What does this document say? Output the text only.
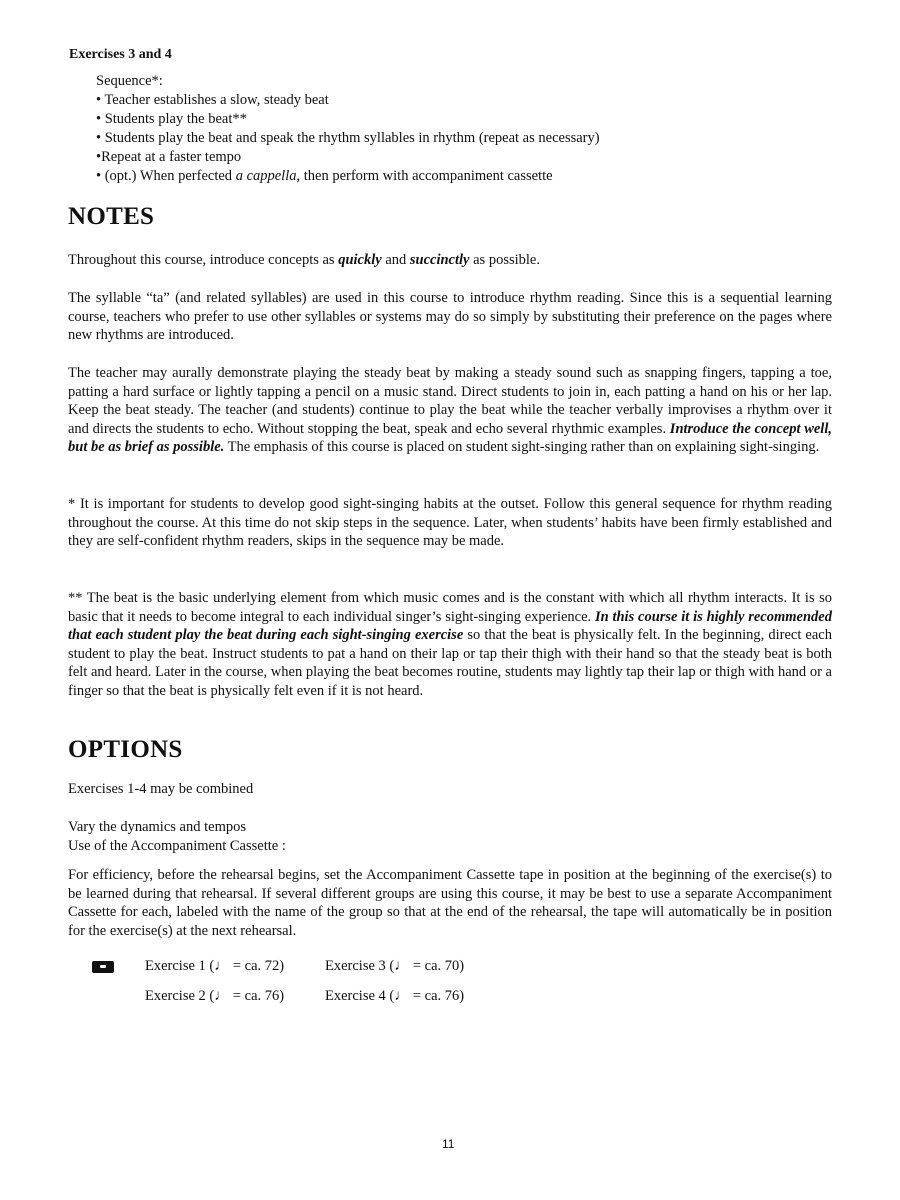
Exercises 3 and 4
Sequence*:
• Teacher establishes a slow, steady beat
• Students play the beat**
• Students play the beat and speak the rhythm syllables in rhythm (repeat as necessary)
•Repeat at a faster tempo
• (opt.) When perfected a cappella, then perform with accompaniment cassette
NOTES

Throughout this course, introduce concepts as quickly and succinctly as possible.

The syllable “ta” (and related syllables) are used in this course to introduce rhythm reading. Since this is a sequential learning course, teachers who prefer to use other syllables or systems may do so simply by substituting their preference on the pages where new rhythms are introduced.

The teacher may aurally demonstrate playing the steady beat by making a steady sound such as snapping fingers, tapping a toe, patting a hard surface or lightly tapping a pencil on a music stand. Direct students to join in, each patting a hand on his or her lap. Keep the beat steady. The teacher (and students) continue to play the beat while the teacher verbally improvises a rhythm over it and directs the students to echo. Without stopping the beat, speak and echo several rhythmic examples. Introduce the concept well, but be as brief as possible. The emphasis of this course is placed on student sight-singing rather than on explaining sight-singing.

* It is important for students to develop good sight-singing habits at the outset. Follow this general sequence for rhythm reading throughout the course. At this time do not skip steps in the sequence. Later, when students’ habits have been firmly established and they are self-confident rhythm readers, skips in the sequence may be made.

** The beat is the basic underlying element from which music comes and is the constant with which all rhythm interacts. It is so basic that it needs to become integral to each individual singer’s sight-singing experience. In this course it is highly recommended that each student play the beat during each sight-singing exercise so that the beat is physically felt. In the beginning, direct each student to play the beat. Instruct students to pat a hand on their lap or tap their thigh with their hand so that the steady beat is both felt and heard. Later in the course, when playing the beat becomes routine, students may lightly tap their lap or thigh with hand or a finger so that the beat is physically felt even if it is not heard.

OPTIONS
Exercises 1-4 may be combined
Vary the dynamics and tempos
Use of the Accompaniment Cassette :

For efficiency, before the rehearsal begins, set the Accompaniment Cassette tape in position at the beginning of the exercise(s) to be learned during that rehearsal. If several different groups are using this course, it may be best to use a separate Accompaniment Cassette for each, labeled with the name of the group so that at the end of the rehearsal, the tape will automatically be in position for the exercise(s) at the next rehearsal.

Exercise 1 (♩ = ca. 72)	Exercise 3 (♩ = ca. 70)
Exercise 2 (♩ = ca. 76)	Exercise 4 (♩ = ca. 76)
11
